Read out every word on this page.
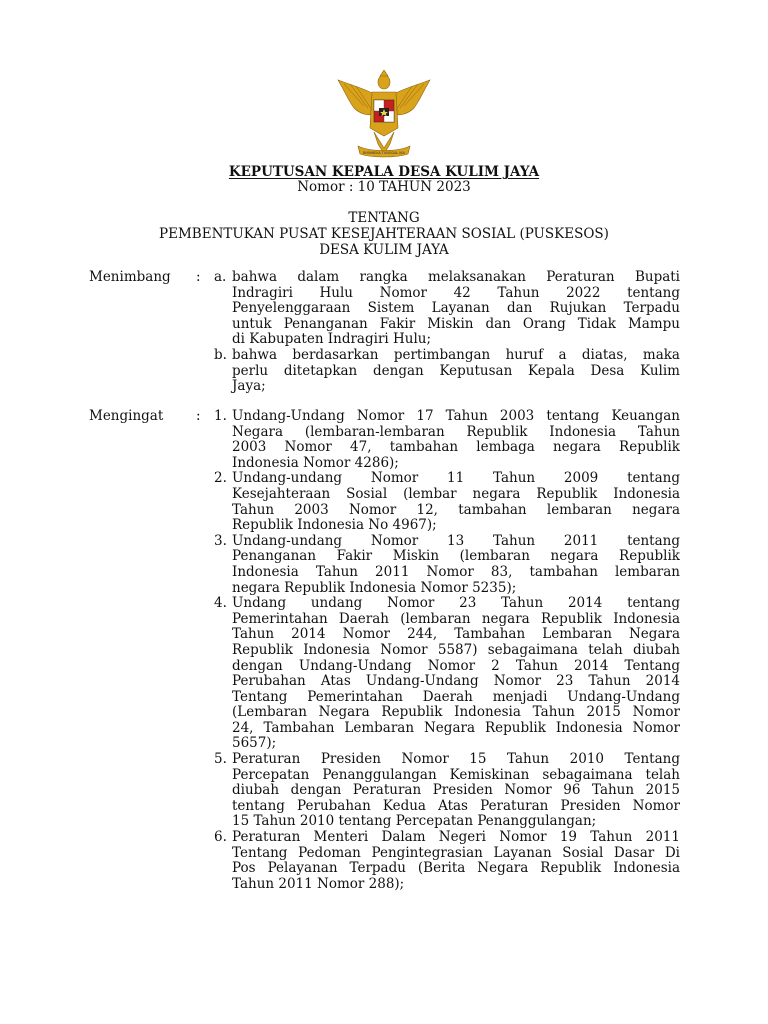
BHINNEKA TUNGGAL IKA
KEPUTUSAN KEPALA DESA KULIM JAYA
Nomor : 10 TAHUN 2023
TENTANG
PEMBENTUKAN PUSAT KESEJAHTERAAN SOSIAL (PUSKESOS)
DESA KULIM JAYA
Menimbang : a. bahwa dalam rangka melaksanakan Peraturan Bupati
Indragiri Hulu Nomor 42 Tahun 2022 tentang
Penyelenggaraan Sistem Layanan dan Rujukan Terpadu
untuk Penanganan Fakir Miskin dan Orang Tidak Mampu
di Kabupaten Indragiri Hulu;
b. bahwa berdasarkan pertimbangan huruf a diatas, maka
perlu ditetapkan dengan Keputusan Kepala Desa Kulim
Jaya;
Mengingat : 1. Undang-Undang Nomor 17 Tahun 2003 tentang Keuangan
Negara (lembaran-lembaran Republik Indonesia Tahun
2003 Nomor 47, tambahan lembaga negara Republik
Indonesia Nomor 4286);
2. Undang-undang Nomor 11 Tahun 2009 tentang
Kesejahteraan Sosial (lembar negara Republik Indonesia
Tahun 2003 Nomor 12, tambahan lembaran negara
Republik Indonesia No 4967);
3. Undang-undang Nomor 13 Tahun 2011 tentang
Penanganan Fakir Miskin (lembaran negara Republik
Indonesia Tahun 2011 Nomor 83, tambahan lembaran
negara Republik Indonesia Nomor 5235);
4. Undang undang Nomor 23 Tahun 2014 tentang
Pemerintahan Daerah (lembaran negara Republik Indonesia
Tahun 2014 Nomor 244, Tambahan Lembaran Negara
Republik Indonesia Nomor 5587) sebagaimana telah diubah
dengan Undang-Undang Nomor 2 Tahun 2014 Tentang
Perubahan Atas Undang-Undang Nomor 23 Tahun 2014
Tentang Pemerintahan Daerah menjadi Undang-Undang
(Lembaran Negara Republik Indonesia Tahun 2015 Nomor
24, Tambahan Lembaran Negara Republik Indonesia Nomor
5657);
5. Peraturan Presiden Nomor 15 Tahun 2010 Tentang
Percepatan Penanggulangan Kemiskinan sebagaimana telah
diubah dengan Peraturan Presiden Nomor 96 Tahun 2015
tentang Perubahan Kedua Atas Peraturan Presiden Nomor
15 Tahun 2010 tentang Percepatan Penanggulangan;
6. Peraturan Menteri Dalam Negeri Nomor 19 Tahun 2011
Tentang Pedoman Pengintegrasian Layanan Sosial Dasar Di
Pos Pelayanan Terpadu (Berita Negara Republik Indonesia
Tahun 2011 Nomor 288);
